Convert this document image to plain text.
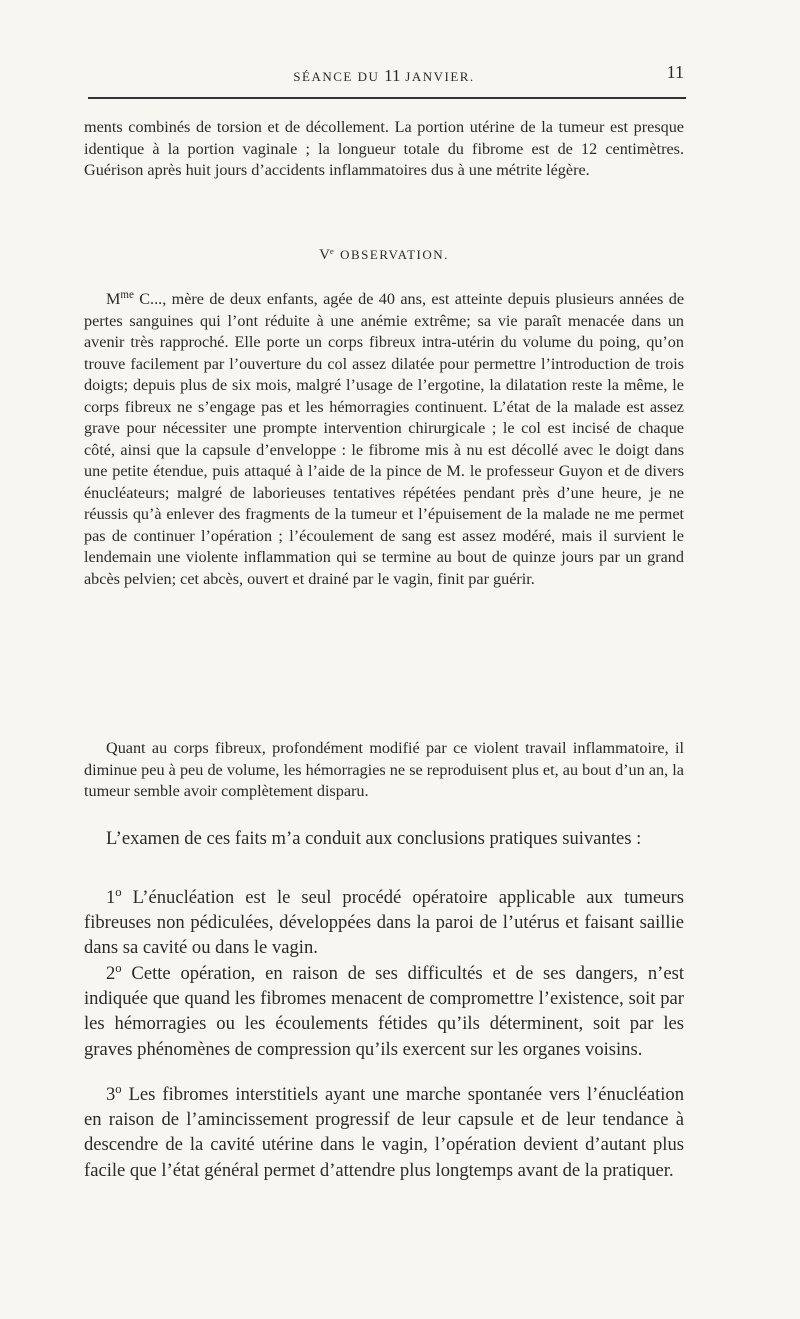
SÉANCE DU 11 JANVIER.	11

ments combinés de torsion et de décollement. La portion utérine de la tumeur est presque identique à la portion vaginale ; la longueur totale du fibrome est de 12 centimètres. Guérison après huit jours d’accidents inflammatoires dus à une métrite légère.

Ve OBSERVATION.

$M^{me}$ C..., mère de deux enfants, agée de 40 ans, est atteinte depuis plusieurs années de pertes sanguines qui l’ont réduite à une anémie extrême; sa vie paraît menacée dans un avenir très rapproché. Elle porte un corps fibreux intra-utérin du volume du poing, qu’on trouve facilement par l’ouverture du col assez dilatée pour permettre l’introduction de trois doigts; depuis plus de six mois, malgré l’usage de l’ergotine, la dilatation reste la même, le corps fibreux ne s’engage pas et les hémorragies continuent. L’état de la malade est assez grave pour nécessiter une prompte intervention chirurgicale ; le col est incisé de chaque côté, ainsi que la capsule d’enveloppe : le fibrome mis à nu est décollé avec le doigt dans une petite étendue, puis attaqué à l’aide de la pince de M. le professeur Guyon et de divers énucléateurs; malgré de laborieuses tentatives répétées pendant près d’une heure, je ne réussis qu’à enlever des fragments de la tumeur et l’épuisement de la malade ne me permet pas de continuer l’opération ; l’écoulement de sang est assez modéré, mais il survient le lendemain une violente inflammation qui se termine au bout de quinze jours par un grand abcès pelvien; cet abcès, ouvert et drainé par le vagin, finit par guérir.

Quant au corps fibreux, profondément modifié par ce violent travail inflammatoire, il diminue peu à peu de volume, les hémorragies ne se reproduisent plus et, au bout d’un an, la tumeur semble avoir complètement disparu.

L’examen de ces faits m’a conduit aux conclusions pratiques suivantes :

1$^o$ L’énucléation est le seul procédé opératoire applicable aux tumeurs fibreuses non pédiculées, développées dans la paroi de l’utérus et faisant saillie dans sa cavité ou dans le vagin.

2$^o$ Cette opération, en raison de ses difficultés et de ses dangers, n’est indiquée que quand les fibromes menacent de compromettre l’existence, soit par les hémorragies ou les écoulements fétides qu’ils déterminent, soit par les graves phénomènes de compression qu’ils exercent sur les organes voisins.

3$^o$ Les fibromes interstitiels ayant une marche spontanée vers l’énucléation en raison de l’amincissement progressif de leur capsule et de leur tendance à descendre de la cavité utérine dans le vagin, l’opération devient d’autant plus facile que l’état général permet d’attendre plus longtemps avant de la pratiquer.
